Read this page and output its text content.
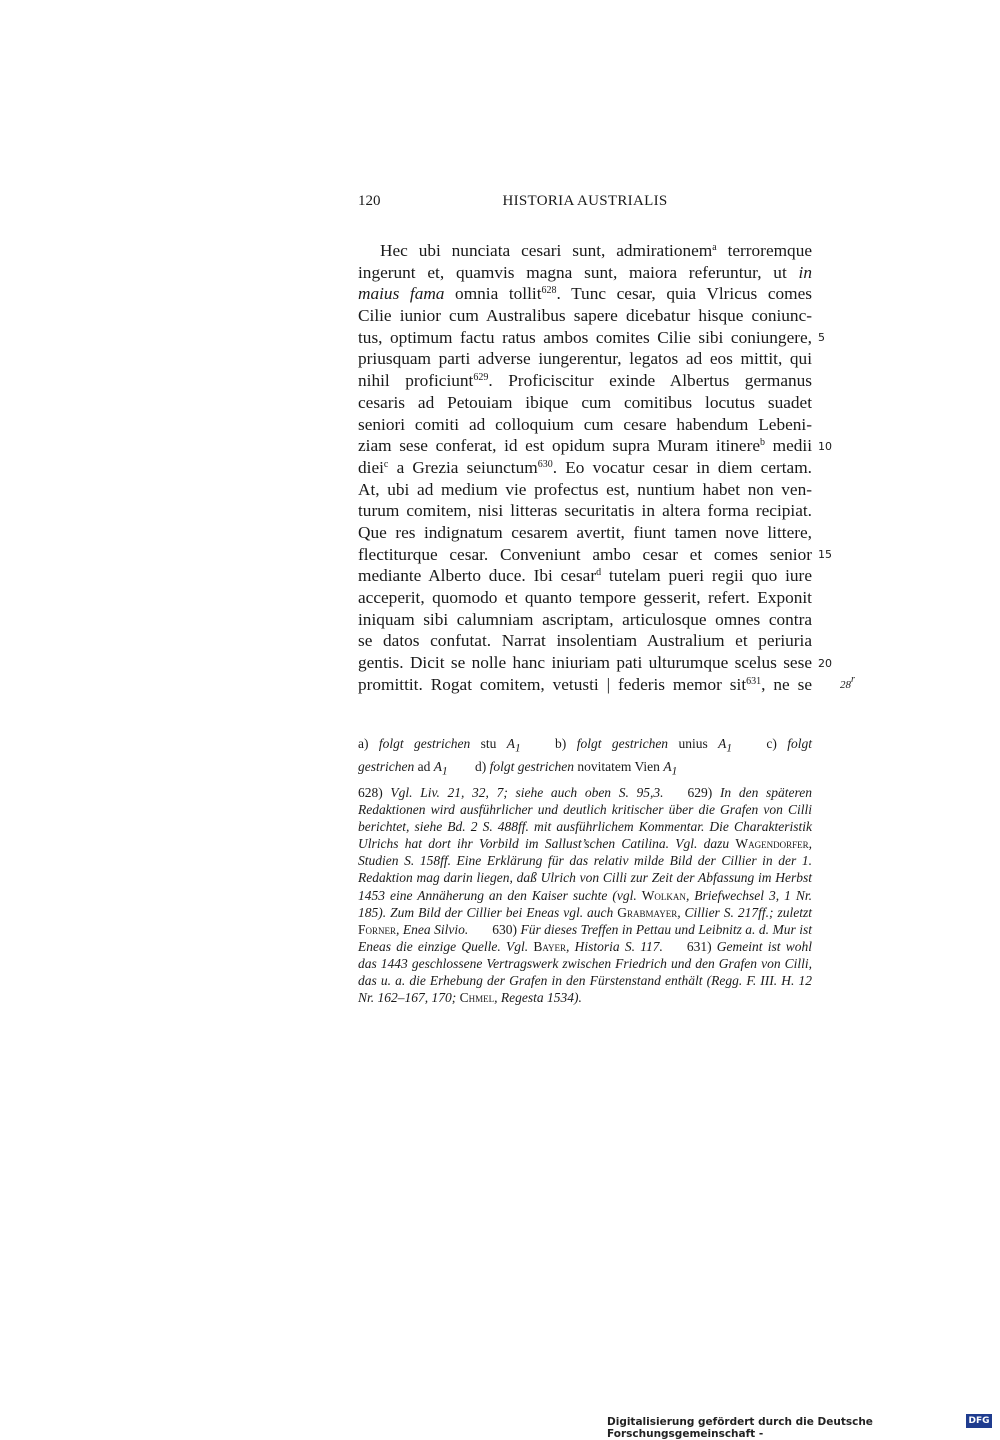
120	HISTORIA AUSTRIALIS
Hec ubi nunciata cesari sunt, admirationem$^a$ terroremque
ingerunt et, quamvis magna sunt, maiora referuntur, ut in
maius fama omnia tollit$^{628}$. Tunc cesar, quia Vlricus comes
Cilie iunior cum Australibus sapere dicebatur hisque coniunc-
tus, optimum factu ratus ambos comites Cilie sibi coniungere,
priusquam parti adverse iungerentur, legatos ad eos mittit, qui
nihil proficiunt$^{629}$. Proficiscitur exinde Albertus germanus
cesaris ad Petouiam ibique cum comitibus locutus suadet
seniori comiti ad colloquium cum cesare habendum Lebeni-
ziam sese conferat, id est opidum supra Muram itinere$^b$ medii
diei$^c$ a Grezia seiunctum$^{630}$. Eo vocatur cesar in diem certam.
At, ubi ad medium vie profectus est, nuntium habet non ven-
turum comitem, nisi litteras securitatis in altera forma recipiat.
Que res indignatum cesarem avertit, fiunt tamen nove littere,
flectiturque cesar. Conveniunt ambo cesar et comes senior
mediante Alberto duce. Ibi cesar$^d$ tutelam pueri regii quo iure
acceperit, quomodo et quanto tempore gesserit, refert. Exponit
iniquam sibi calumniam ascriptam, articulosque omnes contra
se datos confutat. Narrat insolentiam Australium et periuria
gentis. Dicit se nolle hanc iniuriam pati ulturumque scelus sese
promittit. Rogat comitem, vetusti | federis memor sit$^{631}$, ne se
5
10
15
20
28$^r$
a) folgt gestrichen stu $A_1$	b) folgt gestrichen unius $A_1$	c) folgt
gestrichen ad $A_1$ d) folgt gestrichen novitatem Vien $A_1$
628) Vgl. Liv. 21, 32, 7; siehe auch oben S. 95,3. 629) In den späteren Redaktionen wird ausführlicher und deutlich kritischer über die Grafen von Cilli berichtet, siehe Bd. 2 S. 488ff. mit ausführlichem Kommentar. Die Charakteristik Ulrichs hat dort ihr Vorbild im Sallust’schen Catilina. Vgl. dazu Wagendorfer, Studien S. 158ff. Eine Erklärung für das relativ milde Bild der Cillier in der 1. Redaktion mag darin liegen, daß Ulrich von Cilli zur Zeit der Abfassung im Herbst 1453 eine Annäherung an den Kaiser suchte (vgl. Wolkan, Briefwechsel 3, 1 Nr. 185). Zum Bild der Cillier bei Eneas vgl. auch Grabmayer, Cillier S. 217ff.; zuletzt Forner, Enea Silvio. 630) Für dieses Treffen in Pettau und Leibnitz a. d. Mur ist Eneas die einzige Quelle. Vgl. Bayer, Historia S. 117. 631) Gemeint ist wohl das 1443 geschlossene Vertragswerk zwischen Friedrich und den Grafen von Cilli, das u. a. die Erhebung der Grafen in den Fürstenstand enthält (Regg. F. III. H. 12 Nr. 162–167, 170; Chmel, Regesta 1534).
Digitalisierung gefördert durch die Deutsche Forschungsgemeinschaft -
DFG
